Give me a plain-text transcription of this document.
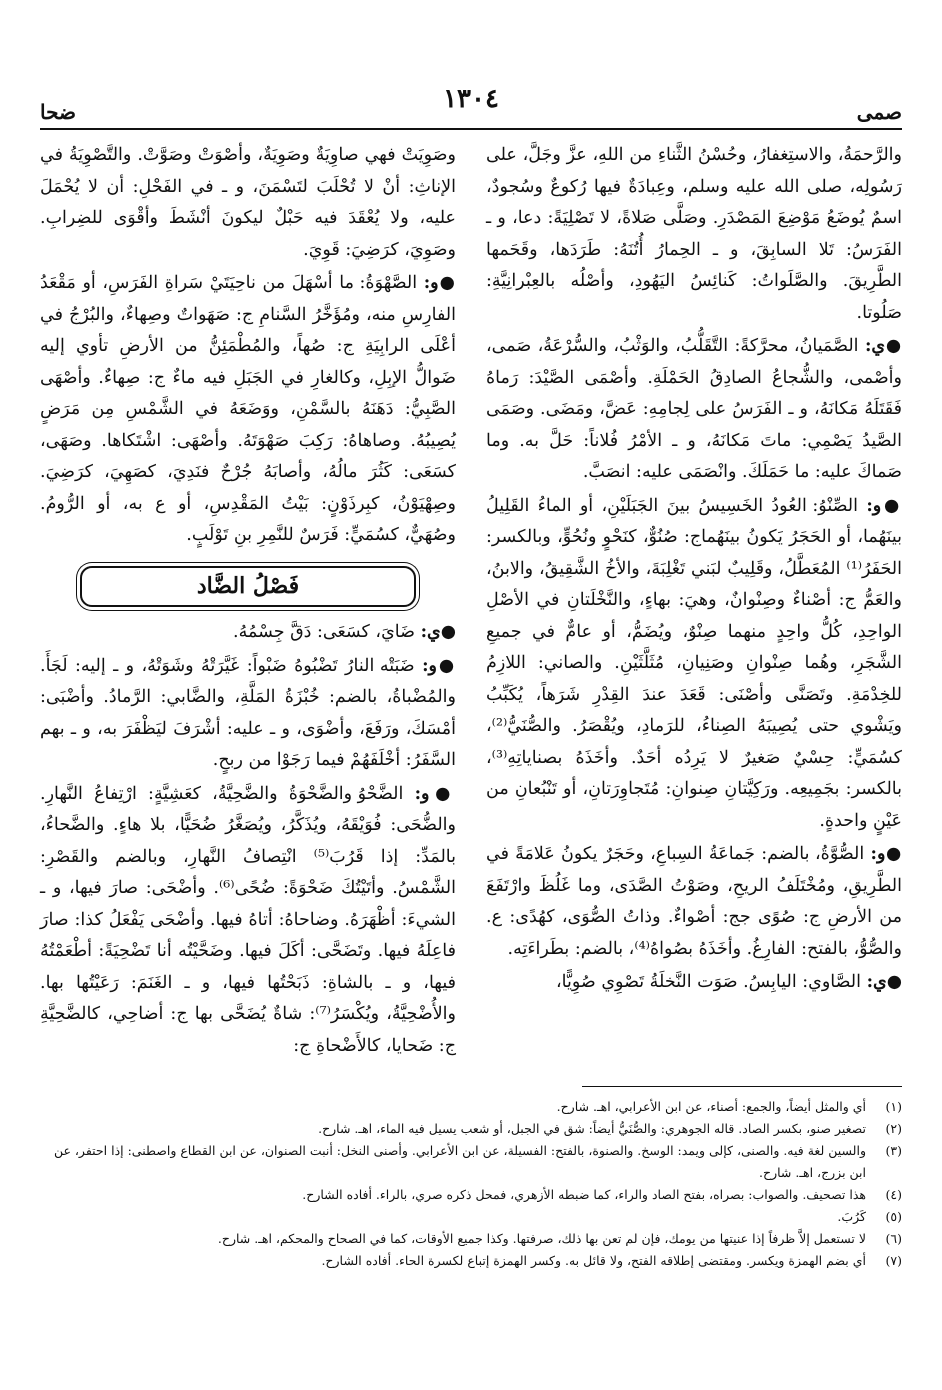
صمى
١٣٠٤
ضحا

والرَّحمَةُ، والاستِغفارُ، وحُسْنُ الثَّناءِ من اللهِ، عزَّ وجَلَّ، على رَسُولِه، صلى الله عليه وسلم، وعِبادَةٌ فيها رُكوعٌ وسُجودٌ، اسمٌ يُوضَعُ مَوْضِعَ المَصْدَرِ. وصَلَّى صَلاةً، لا تَصْلِيَةً: دعا، و ـ الفَرَسُ: تَلا السابِقَ، و ـ الحِمارُ أُتُنَهُ: طَرَدَها، وقَحَمها الطَّرِيقَ. والصَّلَواتُ: كَنائِسُ اليَهُودِ، وأصْلُه بالعِبْرانِيَّةِ: صَلُوتا.

●ي: الصَّمَيانُ، محرَّكةً: التَّقَلُّبُ، والوَثْبُ، والسُّرْعَةُ، صَمى، وأصْمى، والشُّجاعُ الصادِقُ الحَمْلَةِ. وأصْمَى الصَّيْدَ: رَماهُ فَقَتَلَهُ مَكانَهُ، و ـ الفَرَسُ على لِجامِهِ: عَضَّ، ومَضَى. وصَمَى الصَّيدُ يَصْمِي: ماتَ مَكانَهُ، و ـ الأمْرُ فُلاناً: حَلَّ به. وما صَماكَ عليه: ما حَمَلَكَ. وانْصَمَى عليه: انصَبَّ.

●و: الصِّنْوُ: العُودُ الخَسِيسُ بينَ الجَبَلَيْنِ، أو الماءُ القَلِيلُ بينَهُما، أو الحَجَرُ يَكونُ بينَهُماج: صُنُوٌّ، كنَحْوٍ ونُحُوٍّ، وبالكسر: الحَفَرُ⁽¹⁾ المُعَطَّلُ، وقَلِيبٌ لبَني تَغْلِبَةَ، والأخُ الشَّقِيقُ، والابنُ، والعَمُّ ج: أصْناءٌ وصِنْوانٌ، وهيَ: بهاءٍ، والنَّخْلَتانِ في الأصْلِ الواحِدِ، كُلُّ واحِدٍ منهما صِنْوٌ، ويُضَمُّ، أو عامٌّ في جميعِ الشَّجَرِ، وهُما صِنْوانِ وصَنِيانِ، مُثَلَّثَيْنِ. والصاني: اللازِمُ للخِدْمَةِ. وتَصَنَّى وأصْنَى: قَعَدَ عندَ القِدْرِ شَرَهاً، يُكَبِّبُ ويَشْوي حتى يُصِيبَهُ الصِناءُ، للرَمادِ، ويُقْصَرُ. والصُّنَيُّ⁽²⁾، كسُمَيٍّ: حِسْيٌ صَغيرٌ لا يَرِدُه أحَدٌ. وأخَذَهُ بصناياتِهِ⁽³⁾، بالكسر: بجَمِيعِه. ورَكِيَّتانِ صِنوانِ: مُتَجاوِرَتانِ، أو تَنْبُعانِ من عَيْنٍ واحدةٍ.

●و: الصُّوَّةُ، بالضم: جَماعَةُ السِباعِ، وحَجَرٌ يكونُ عَلامَةً في الطَّرِيقِ، ومُخْتَلَفُ الريحِ، وصَوْتُ الصَّدَى، وما غَلُظَ وارْتَفَعَ من الأرضِ ج: صُوًى جج: أصْواءٌ. وذاتُ الصُّوَى، كهُدًى: ع. والصُّوُّ، بالفتح: الفارِغُ. وأخَذَهُ بصُواهُ⁽⁴⁾، بالضم: بطَراءَتِه.

●ي: الصَّاوي: اليابِسُ. صَوَت النَّخلَةُ تَصْوِي صُوِيًّا،

وصَوِيَتْ فهي صاوِيَةٌ وصَوِيَةٌ، وأصْوَتْ وصَوَّتْ. والتَّصْوِيَةُ في الإناثِ: أنْ لا تُحْلَبَ لتَسْمَنَ، و ـ في الفَحْلِ: أن لا يُحْمَلَ عليه، ولا يُعْقَدَ فيه حَبْلٌ ليكونَ أنْشَطَ وأقْوَى للضِرابِ. وصَوِيَ، كرَضِيَ: قَوِيَ.

●و: الصَّهْوَةُ: ما أسْهَلَ من ناحِيَتَيْ سَراةِ الفَرَسِ، أو مَقْعَدُ الفارِسِ منه، ومُؤَخَّرُ السَّنامِ ج: صَهَواتٌ وصِهاءٌ، والبُرْجُ في أعْلَى الرابِيَةِ ج: صُهاً، والمُطْمَئِنُّ من الأرضِ تأوي إليه ضَوالُّ الإبِلِ، وكالغارِ في الجَبَلِ فيه ماءٌ ج: صِهاءٌ. وأصْهَى الصَّبِيُّ: دَهَنَهُ بالسَّمْنِ، ووَضَعَهُ في الشَّمْسِ مِن مَرَضٍ يُصِيبُهُ. وصاهاهُ: رَكِبَ صَهْوَتَهُ. وأصْهَى: اشْتَكاها. وصَهَى، كسَعَى: كَثُرَ مالُهُ، وأصابَهُ جُرْحٌ فنَدِيَ، كصَهِيَ، كرَضِيَ. وصِهْيَوْنُ، كبِرذَوْنٍ: بَيْتُ المَقْدِسِ، أو ع به، أو الرُّومُ. وصُهَيٌّ، كسُمَيٍّ: فَرَسٌ للنَّمِرِ بنِ تَوْلَبٍ.

فَصْلُ الضَّاد

●ي: ضَايَ، كسَعَى: دَقَّ جِسْمُهُ.

●و: ضَبَتْه النارُ تَضْبُوهُ ضَبْواً: غَيَّرَتْهُ وشَوَتْهُ، و ـ إليه: لَجَأَ. والمُضْباةُ، بالضم: خُبْزَةُ المَلَّةِ، والضَّابي: الرَّمادُ. وأضْبَى: أمْسَكَ، ورَفَعَ، وأضْوَى، و ـ عليه: أشْرَفَ ليَظْفَرَ به، و ـ بهم السَّفَرُ: أخْلَفَهُمْ فيما رَجَوْا من ربحٍ.

●و: الضَّحْوُ والضَّحْوَةُ والضَّحِيَّةُ، كعَشِيَّةٍ: ارْتِفاعُ النَّهارِ. والضُّحَى: فُوَيْقَهُ، ويُذَكَّرُ، ويُصَغَّرُ ضُحَيًّا، بلا هاءٍ. والضَّحاءُ، بالمَدِّ: إذا قَرُبَ⁽⁵⁾ انْتِصافُ النَّهارِ، وبالضم والقَصْرِ: الشَّمْسُ. وأتَيْتُكَ ضَحْوَةً: ضُحًى⁽⁶⁾. وأضْحَى: صارَ فيها، و ـ الشيءَ: أظْهَرَهُ. وضاحاهُ: أتاهُ فيها. وأضْحَى يَفْعَلُ كذا: صارَ فاعِلَهُ فيها. وتَضَحَّى: أكَلَ فيها. وضَحَّيْتُه أنا تَضْحِيَةً: أطْعَمْتُهُ فيها، و ـ بالشاةِ: ذَبَحْتُها فيها، و ـ الغَنَمَ: رَعَيْتُها بها. والأُضْحِيَّةُ، ويُكْسَرُ⁽⁷⁾: شاةٌ يُضَحَّى بها ج: أضاحِي، كالضَّحِيَّةِ ج: ضَحايا، كالأَضْحاةِ ج:

(١)
أي والمثل أيضاً، والجمع: أصناء، عن ابن الأعرابي، اهـ. شارح.
(٢)
تصغير صنو، بكسر الصاد. قاله الجوهري: والصُّنَيُّ أيضاً: شق في الجبل، أو شعب يسيل فيه الماء، اهـ. شارح.
(٣)
والسين لغة فيه. والصنى، كإلى ويمد: الوسخ. والصنوة، بالفتح: الفسيلة، عن ابن الأعرابي. وأصنى النخل: أنبت الصنوان، عن ابن القطاع واصطنى: إذا احتفر، عن ابن بزرج، اهـ. شارح.
(٤)
هذا تصحيف. والصواب: بصراه، بفتح الصاد والراء، كما ضبطه الأزهري، فمحل ذكره صري، بالراء. أفاده الشارح.
(٥)
كَرُبَ.
(٦)
لا تستعمل إلاَّ ظرفاً إذا عنيتها من يومك، فإن لم تعن بها ذلك، صرفتها. وكذا جميع الأوقات، كما في الصحاح والمحكم، اهـ. شارح.
(٧)
أي بضم الهمزة ويكسر. ومقتضى إطلاقه الفتح، ولا قائل به. وكسر الهمزة إتباع لكسرة الحاء. أفاده الشارح.
